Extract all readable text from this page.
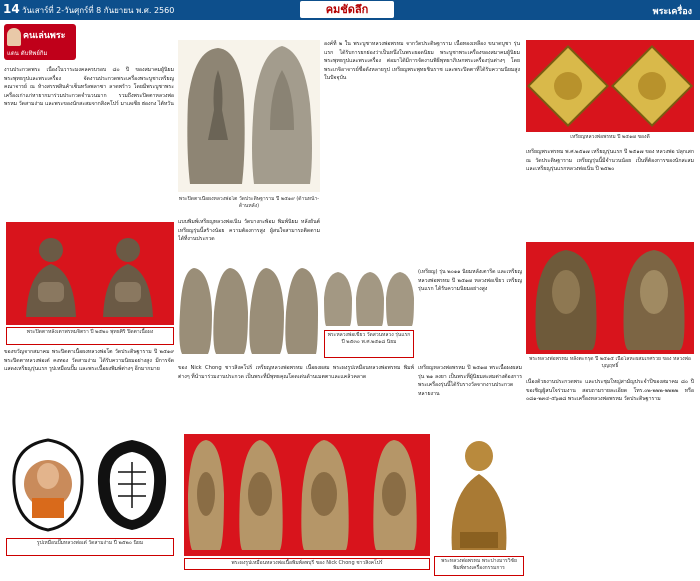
14 วันเสาร์ที่ 2-วันศุกร์ที่ 8 กันยายน พ.ศ. 2560	คมชัดลึก	พระเครื่อง
คนเล่นพระ
แดน ดับทิพย์กิม
งานประกวดพระ เนื่องในวาระมงคลครบรอบ ๘๐ ปี ของสมาคมผู้นิยมพระพุทธรูปและพระเครื่อง จัดงานประกวดพระเครื่องพระบูชาเหรียญคณาจารย์ ณ ห้างสรรพสินค้าเซ็นทรัลพลาซา ลาดพร้าว โดยมีพระบูชาพระเครื่องเก่าแก่หายากมาร่วมประกวดจำนวนมาก รวมถึงพระปิดตาหลวงพ่อพรหม วัดสามง่าม และพระของนักสะสมจากสิงคโปร์ มาเลเซีย ฮ่องกง ไต้หวัน
พระปิดตาหลังเตาพรหมจิตรา ปี ๒๕๒๐ พุทธศิริ ปิดตาเนื้อผง
ของขวัญจากสมาคม พระปิดตาเนื้อผงหลวงพ่อโต วัดประดิษฐาราม ปี ๒๕๑๙ พระปิดตาหลวงพ่อเต๋ คงทอง วัดสามง่าม ได้รับความนิยมอย่างสูง มีการจัดแสดงเหรียญรุ่นแรก รูปเหมือนปั๊ม และพระเนื้อผงพิมพ์ต่างๆ อีกมากมาย
รูปเหมือนปั๊มหลวงพ่อเต๋ วัดสามง่าม ปี ๒๕๒๐ นิยม
พระปิดตาเนื้อผงหลวงพ่อโต วัดประดิษฐาราม ปี ๒๕๑๙ (ด้านหน้า-ด้านหลัง)
แบบพิมพ์เหรียญหลวงพ่อเนิ่น วัดบางกะพ้อม พิมพ์นิยม หลังยันต์ เหรียญรุ่นนี้สร้างน้อย ความต้องการสูง ผู้สนใจสามารถติดตามได้ที่งานประกวด
พระหลวงพ่อเขียว วัดสวนหลวง รุ่นแรก ปี ๒๕๓๐ พ.ศ.๒๕๑๘ นิยม
ของ Nick Chong ชาวสิงคโปร์ เหรียญหลวงพ่อพรหม เนื้อผงผสม พระผงรูปเหมือนหลวงพ่อพรหม พิมพ์ต่างๆ ที่นำมาร่วมงานประกวด เป็นพระที่มีพุทธคุณโดดเด่นด้านเมตตาและแคล้วคลาด
พระผงรูปเหมือนหลวงพ่อเนื้อพิมพ์ลพบุรี ของ Nick Chong ชาวสิงคโปร์
องค์ที่ ๒ ใน พระบูชาหลวงพ่อพรหม จากวัดประดิษฐาราม เนื้อทองเหลือง ขนาดบูชา รุ่นแรก ได้รับการยกย่องว่าเป็นหนึ่งในพระยอดนิยม พระบูชาพระเครื่องของสมาคมผู้นิยมพระพุทธรูปและพระเครื่อง ต่อมาได้มีการจัดงานพิธีพุทธาภิเษกพระเครื่องรุ่นต่างๆ โดยพระเกจิอาจารย์ชื่อดังหลายรูป เหรียญพระพุทธชินราช และพระปิดตาที่ได้รับความนิยมสูงในปัจจุบัน
(เหรียญ) รุ่น ๒๐๑๑ นิยมหลังเตารีด และเหรียญหลวงพ่อพรหม ปี ๒๕๑๗ หลวงพ่อเขียว เหรียญรุ่นแรก ได้รับความนิยมอย่างสูง
เหรียญหลวงพ่อพรหม ปี ๒๕๑๗ พระเนื้อผงผสม รุ่น ๒๑ ลงยา เป็นพระที่ผู้นิยมสะสมต่างต้องการ พระเครื่องรุ่นนี้ได้รับรางวัลจากงานประกวดหลายงาน
พระหลวงพ่อพรหม พระปางมารวิชัย พิมพ์ทรงเครื่องกรรมการ
เหรียญหลวงพ่อพรหม ปี ๒๕๑๗ ของดี
เหรียญพระพรหม พ.ศ.๒๕๑๗ เหรียญรุ่นแรก ปี ๒๕๑๗ ของ หลวงพ่อ ปลุกเสก ณ วัดประดิษฐาราม เหรียญรุ่นนี้มีจำนวนน้อย เป็นที่ต้องการของนักสะสม และเหรียญรุ่นแรกหลวงพ่อเนิ่น ปี ๒๕๒๐
พระหลวงพ่อพรหม หลังตะกรุด ปี ๒๕๑๕ เนื้อโลหะผสมเกศรวย ของ หลวงพ่อ บุญฤทธิ์
เนื่องด้วยงานประกวดพระ และประชุมใหญ่สามัญประจำปีของสมาคม ๘๐ ปี ขอเชิญผู้สนใจร่วมงาน สอบถามรายละเอียด โทร.๐๒-๒๒๒-๒๒๒๒ หรือ ๐๘๑-๒๓๔-๕๖๗๘ พระเครื่องหลวงพ่อพรหม วัดประดิษฐาราม
